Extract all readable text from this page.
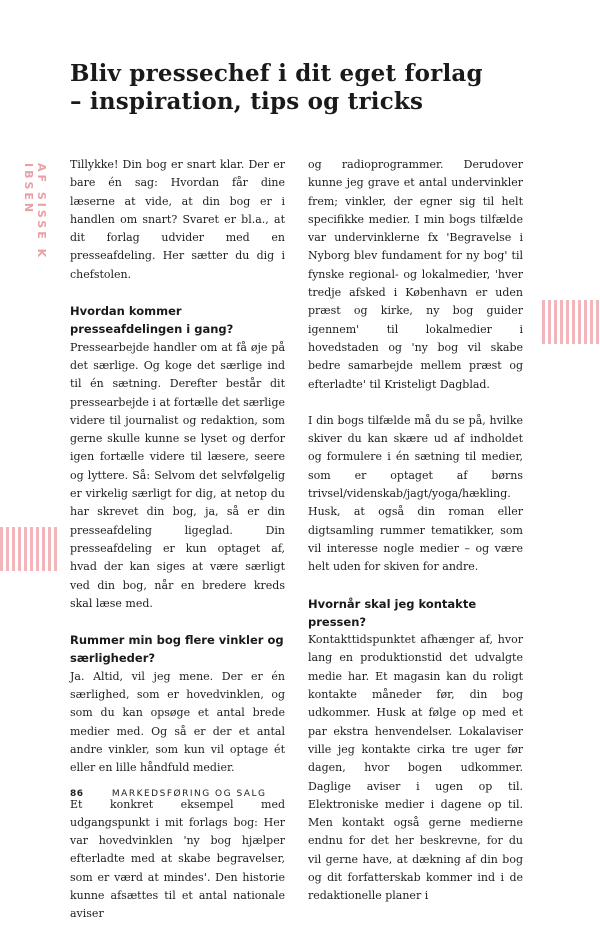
Bliv pressechef i dit eget forlag
– inspiration, tips og tricks
AF SISSE K IBSEN	Tillykke! Din bog er snart klar. Der er bare én sag: Hvordan får dine læserne at vide, at din bog er i handlen om snart? Svaret er bl.a., at dit forlag udvider med en presseafdeling. Her sætter du dig i chefstolen.

Hvordan kommer presseafdelingen i gang?

Pressearbejde handler om at få øje på det særlige. Og koge det særlige ind til én sætning. Derefter består dit pressearbejde i at fortælle det særlige videre til journalist og redaktion, som gerne skulle kunne se lyset og derfor igen fortælle videre til læsere, seere og lyttere. Så: Selvom det selvfølgelig er virkelig særligt for dig, at netop du har skrevet din bog, ja, så er din presseafdeling ligeglad. Din presseafdeling er kun optaget af, hvad der kan siges at være særligt ved din bog, når en bredere kreds skal læse med.

Rummer min bog flere vinkler og særligheder?

Ja. Altid, vil jeg mene. Der er én særlighed, som er hovedvinklen, og som du kan opsøge et antal brede medier med. Og så er der et antal andre vinkler, som kun vil optage ét eller en lille håndfuld medier.

Et konkret eksempel med udgangspunkt i mit forlags bog: Her var hovedvinklen 'ny bog hjælper efterladte med at skabe begravelser, som er værd at mindes'. Den historie kunne afsættes til et antal nationale aviser

og radioprogrammer. Derudover kunne jeg grave et antal undervinkler frem; vinkler, der egner sig til helt specifikke medier. I min bogs tilfælde var undervinklerne fx 'Begravelse i Nyborg blev fundament for ny bog' til fynske regional- og lokalmedier, 'hver tredje afsked i København er uden præst og kirke, ny bog guider igennem' til lokalmedier i hovedstaden og 'ny bog vil skabe bedre samarbejde mellem præst og efterladte' til Kristeligt Dagblad.

I din bogs tilfælde må du se på, hvilke skiver du kan skære ud af indholdet og formulere i én sætning til medier, som er optaget af børns trivsel/videnskab/jagt/yoga/hækling. Husk, at også din roman eller digtsamling rummer tematikker, som vil interesse nogle medier – og være helt uden for skiven for andre.

Hvornår skal jeg kontakte pressen?

Kontakttidspunktet afhænger af, hvor lang en produktionstid det udvalgte medie har. Et magasin kan du roligt kontakte måneder før, din bog udkommer. Husk at følge op med et par ekstra henvendelser. Lokalaviser ville jeg kontakte cirka tre uger før dagen, hvor bogen udkommer. Daglige aviser i ugen op til. Elektroniske medier i dagene op til. Men kontakt også gerne medierne endnu for det her beskrevne, for du vil gerne have, at dækning af din bog og dit forfatterskab kommer ind i de redaktionelle planer i

86	MARKEDSFØRING OG SALG
